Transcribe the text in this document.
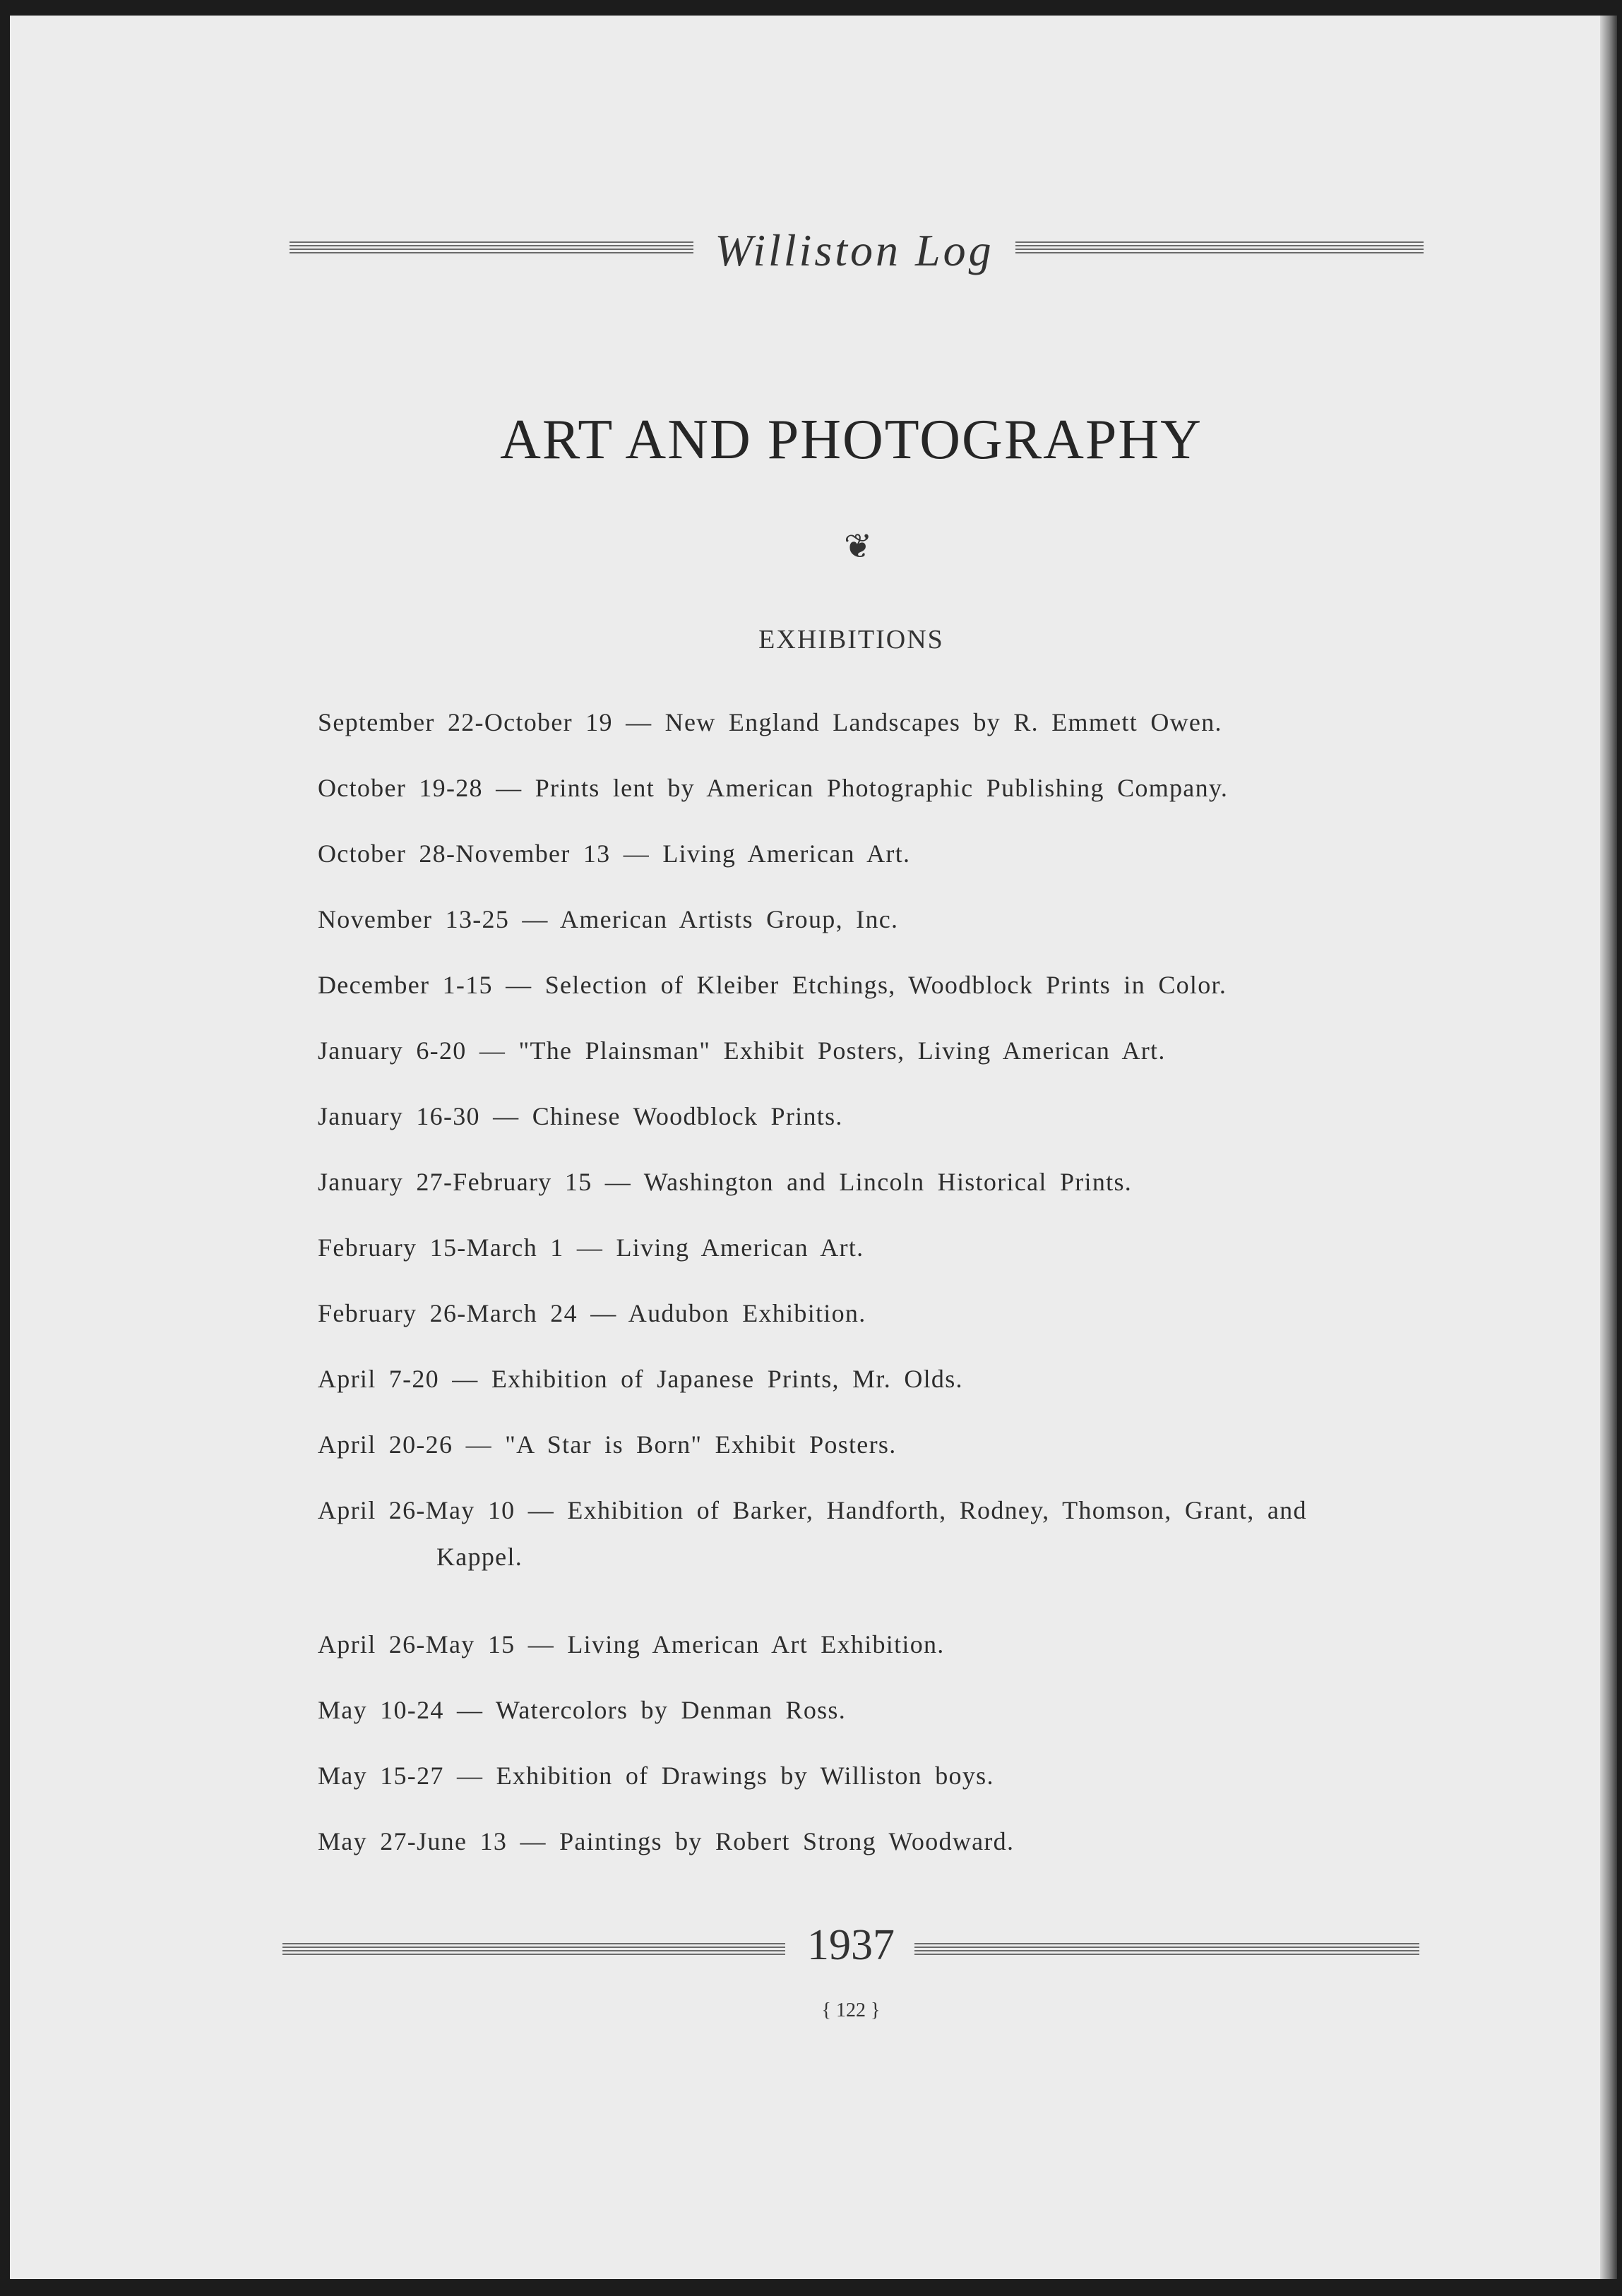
Williston Log
ART AND PHOTOGRAPHY
❦
EXHIBITIONS
September 22-October 19 — New England Landscapes by R. Emmett Owen.
October 19-28 — Prints lent by American Photographic Publishing Company.
October 28-November 13 — Living American Art.
November 13-25 — American Artists Group, Inc.
December 1-15 — Selection of Kleiber Etchings, Woodblock Prints in Color.
January 6-20 — "The Plainsman" Exhibit Posters, Living American Art.
January 16-30 — Chinese Woodblock Prints.
January 27-February 15 — Washington and Lincoln Historical Prints.
February 15-March 1 — Living American Art.
February 26-March 24 — Audubon Exhibition.
April 7-20 — Exhibition of Japanese Prints, Mr. Olds.
April 20-26 — "A Star is Born" Exhibit Posters.
April 26-May 10 — Exhibition of Barker, Handforth, Rodney, Thomson, Grant, and Kappel.
April 26-May 15 — Living American Art Exhibition.
May 10-24 — Watercolors by Denman Ross.
May 15-27 — Exhibition of Drawings by Williston boys.
May 27-June 13 — Paintings by Robert Strong Woodward.
1937
{ 122 }
